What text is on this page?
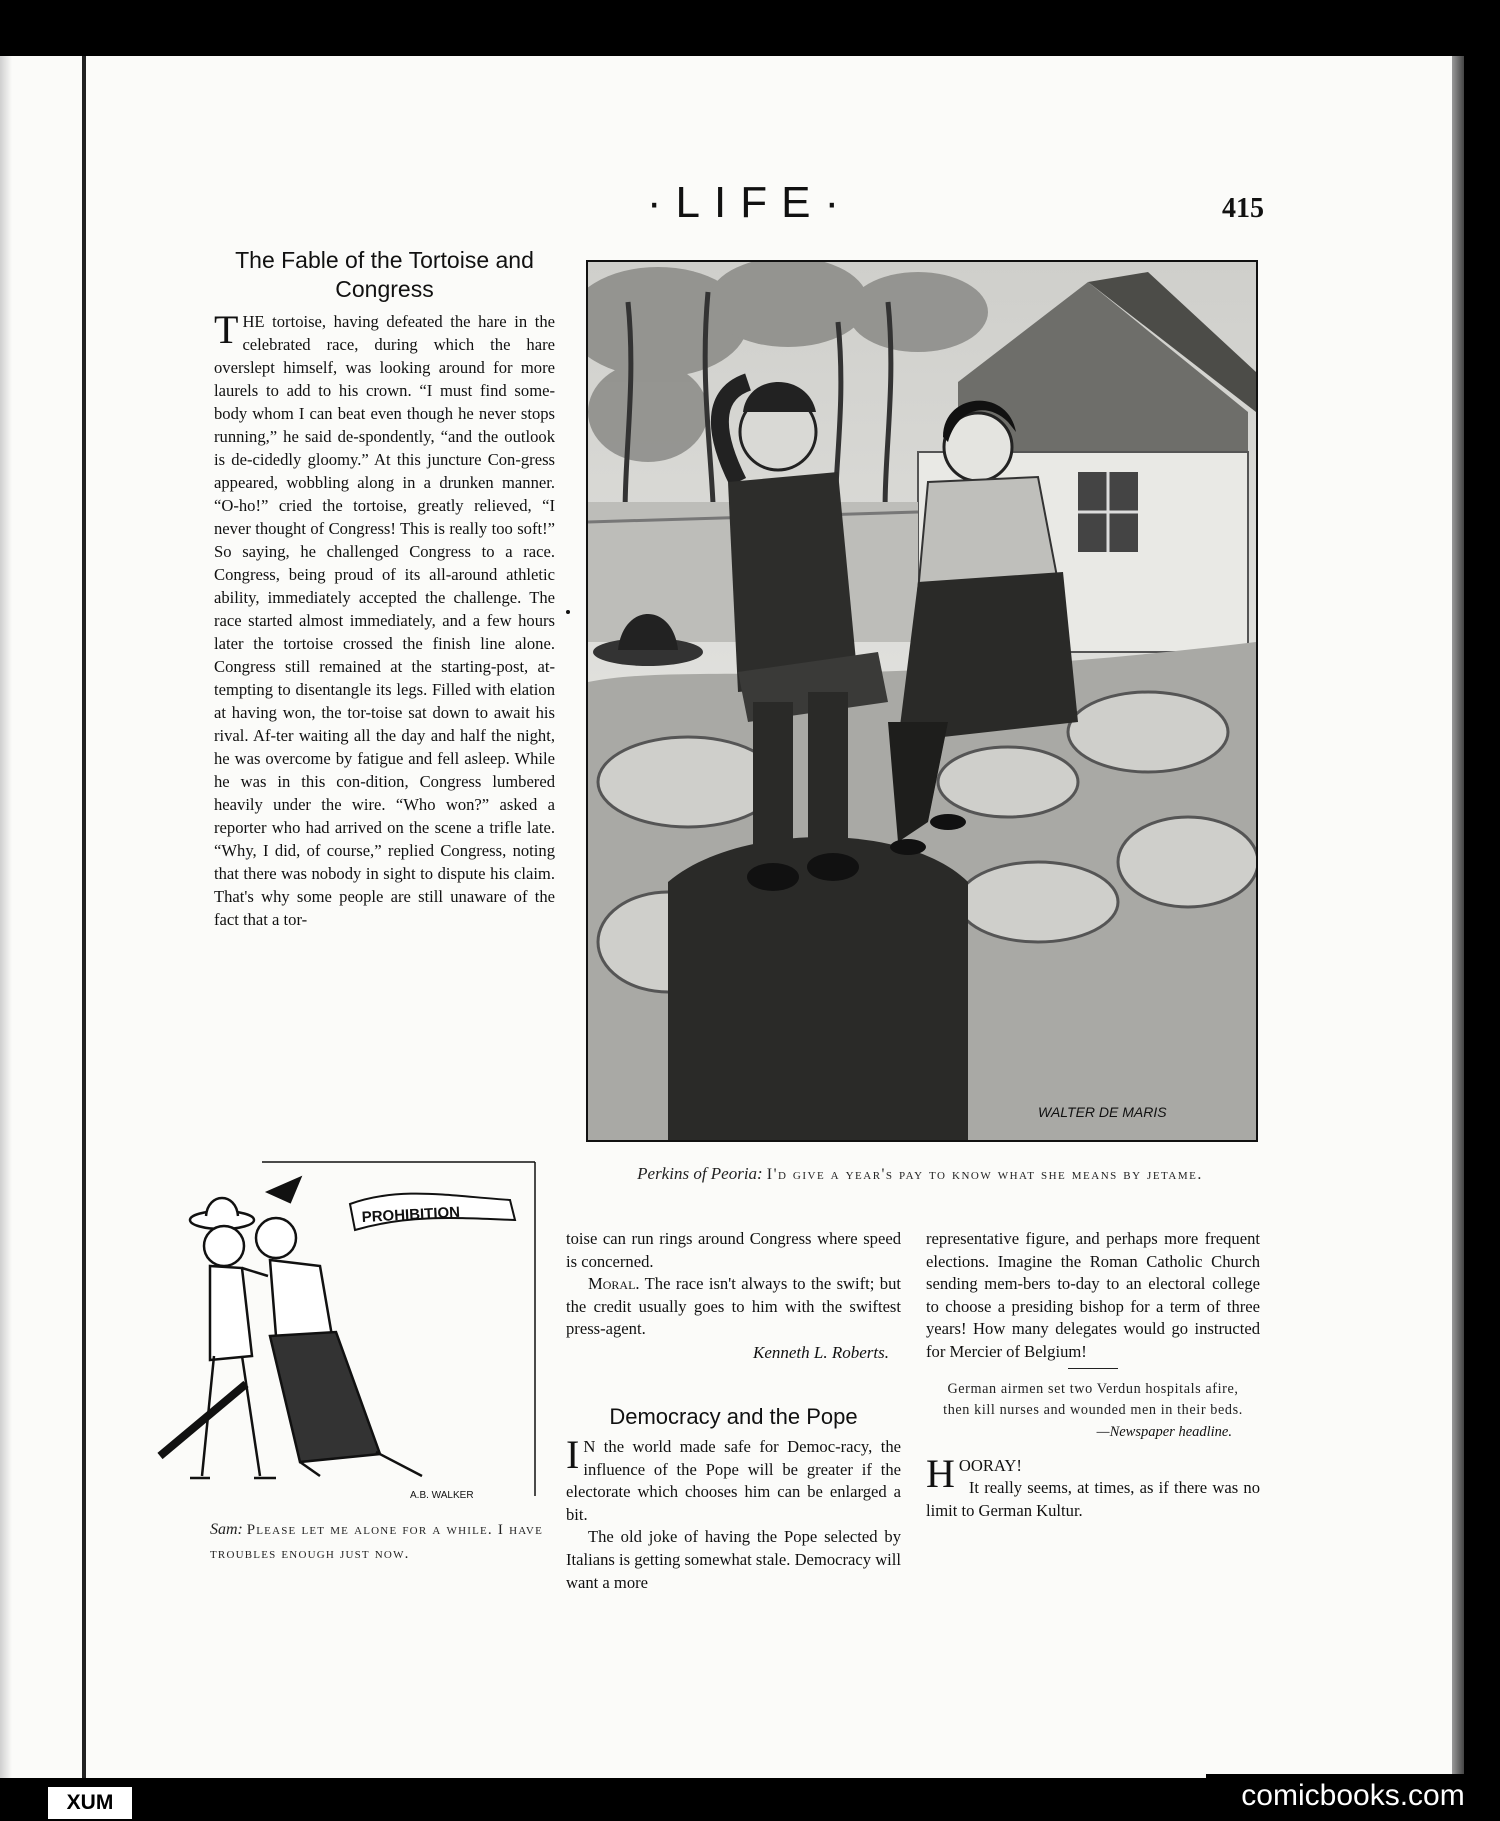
·LIFE·	415
The Fable of the Tortoise and
Congress

THE tortoise, having defeated the hare in the celebrated race, during which the hare overslept himself, was looking around for more laurels to add to his crown. “I must find some-body whom I can beat even though he never stops running,” he said de-spondently, “and the outlook is de-cidedly gloomy.” At this juncture Con-gress appeared, wobbling along in a drunken manner. “O-ho!” cried the tortoise, greatly relieved, “I never thought of Congress! This is really too soft!” So saying, he challenged Congress to a race. Congress, being proud of its all-around athletic ability, immediately accepted the challenge. The race started almost immediately, and a few hours later the tortoise crossed the finish line alone. Congress still remained at the starting-post, at-tempting to disentangle its legs. Filled with elation at having won, the tor-toise sat down to await his rival. Af-ter waiting all the day and half the night, he was overcome by fatigue and fell asleep. While he was in this con-dition, Congress lumbered heavily under the wire. “Who won?” asked a reporter who had arrived on the scene a trifle late. “Why, I did, of course,” replied Congress, noting that there was nobody in sight to dispute his claim. That's why some people are still unaware of the fact that a tor-

WALTER DE MARIS
Perkins of Peoria: I'd give a year's pay to know what she means by jetame.
PROHIBITION
A.B. WALKER
Sam: Please let me alone for a while. I have troubles enough just now.

toise can run rings around Congress where speed is concerned.

Moral. The race isn't always to the swift; but the credit usually goes to him with the swiftest press-agent.

Kenneth L. Roberts.

Democracy and the Pope

I N the world made safe for Democ-racy, the influence of the Pope will be greater if the electorate which chooses him can be enlarged a bit.

The old joke of having the Pope selected by Italians is getting somewhat stale. Democracy will want a more

representative figure, and perhaps more frequent elections. Imagine the Roman Catholic Church sending mem-bers to-day to an electoral college to choose a presiding bishop for a term of three years! How many delegates would go instructed for Mercier of Belgium!

German airmen set two Verdun hospitals afire, then kill nurses and wounded men in their beds.

—Newspaper headline.

HOORAY!
It really seems, at times, as if there was no limit to German Kultur.

XUM	comicbooks.com
